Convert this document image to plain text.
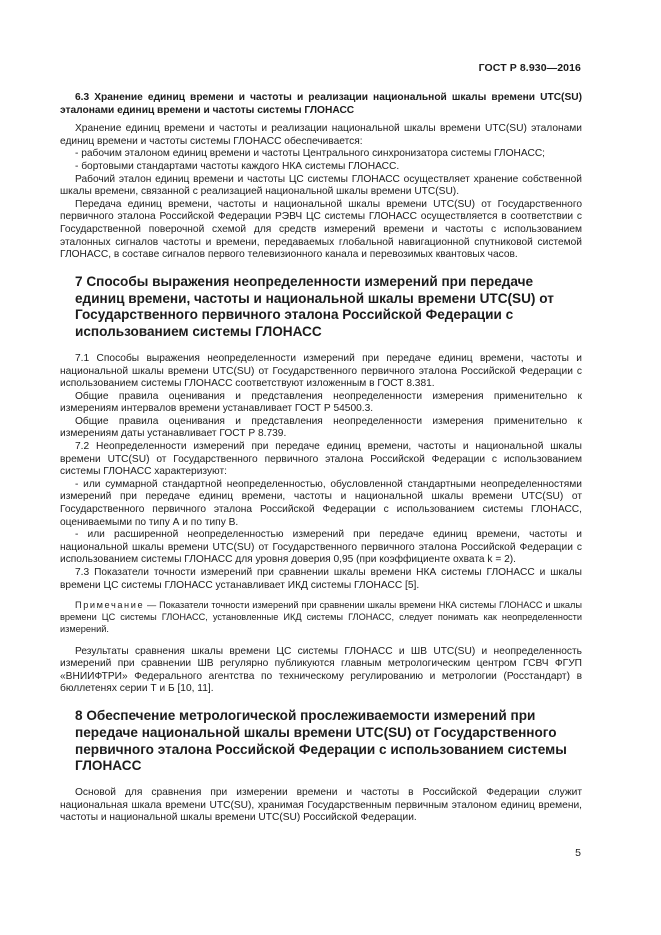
ГОСТ Р 8.930—2016

6.3 Хранение единиц времени и частоты и реализации национальной шкалы времени UTC(SU) эталонами единиц времени и частоты системы ГЛОНАСС

Хранение единиц времени и частоты и реализации национальной шкалы времени UTC(SU) эталонами единиц времени и частоты системы ГЛОНАСС обеспечивается:

- рабочим эталоном единиц времени и частоты Центрального синхронизатора системы ГЛОНАСС;

- бортовыми стандартами частоты каждого НКА системы ГЛОНАСС.

Рабочий эталон единиц времени и частоты ЦС системы ГЛОНАСС осуществляет хранение собственной шкалы времени, связанной с реализацией национальной шкалы времени UTC(SU).

Передача единиц времени, частоты и национальной шкалы времени UTC(SU) от Государственного первичного эталона Российской Федерации РЭВЧ ЦС системы ГЛОНАСС осуществляется в соответствии с Государственной поверочной схемой для средств измерений времени и частоты с использованием эталонных сигналов частоты и времени, передаваемых глобальной навигационной спутниковой системой ГЛОНАСС, в составе сигналов первого телевизионного канала и перевозимых квантовых часов.

7 Способы выражения неопределенности измерений при передаче единиц времени, частоты и национальной шкалы времени UTC(SU) от Государственного первичного эталона Российской Федерации с использованием системы ГЛОНАСС

7.1 Способы выражения неопределенности измерений при передаче единиц времени, частоты и национальной шкалы времени UTC(SU) от Государственного первичного эталона Российской Федерации с использованием системы ГЛОНАСС соответствуют изложенным в ГОСТ 8.381.

Общие правила оценивания и представления неопределенности измерения применительно к измерениям интервалов времени устанавливает ГОСТ Р 54500.3.

Общие правила оценивания и представления неопределенности измерения применительно к измерениям даты устанавливает ГОСТ Р 8.739.

7.2 Неопределенности измерений при передаче единиц времени, частоты и национальной шкалы времени UTC(SU) от Государственного первичного эталона Российской Федерации с использованием системы ГЛОНАСС характеризуют:

- или суммарной стандартной неопределенностью, обусловленной стандартными неопределенностями измерений при передаче единиц времени, частоты и национальной шкалы времени UTC(SU) от Государственного первичного эталона Российской Федерации с использованием системы ГЛОНАСС, оцениваемыми по типу А и по типу В.

- или расширенной неопределенностью измерений при передаче единиц времени, частоты и национальной шкалы времени UTC(SU) от Государственного первичного эталона Российской Федерации с использованием системы ГЛОНАСС для уровня доверия 0,95 (при коэффициенте охвата k = 2).

7.3 Показатели точности измерений при сравнении шкалы времени НКА системы ГЛОНАСС и шкалы времени ЦС системы ГЛОНАСС устанавливает ИКД системы ГЛОНАСС [5].

Примечание — Показатели точности измерений при сравнении шкалы времени НКА системы ГЛОНАСС и шкалы времени ЦС системы ГЛОНАСС, установленные ИКД системы ГЛОНАСС, следует понимать как неопределенности измерений.

Результаты сравнения шкалы времени ЦС системы ГЛОНАСС и ШВ UTC(SU) и неопределенность измерений при сравнении ШВ регулярно публикуются главным метрологическим центром ГСВЧ ФГУП «ВНИИФТРИ» Федерального агентства по техническому регулированию и метрологии (Росстандарт) в бюллетенях серии Т и Б [10, 11].

8 Обеспечение метрологической прослеживаемости измерений при передаче национальной шкалы времени UTC(SU) от Государственного первичного эталона Российской Федерации с использованием системы ГЛОНАСС

Основой для сравнения при измерении времени и частоты в Российской Федерации служит национальная шкала времени UTC(SU), хранимая Государственным первичным эталоном единиц времени, частоты и национальной шкалы времени UTC(SU) Российской Федерации.

5
